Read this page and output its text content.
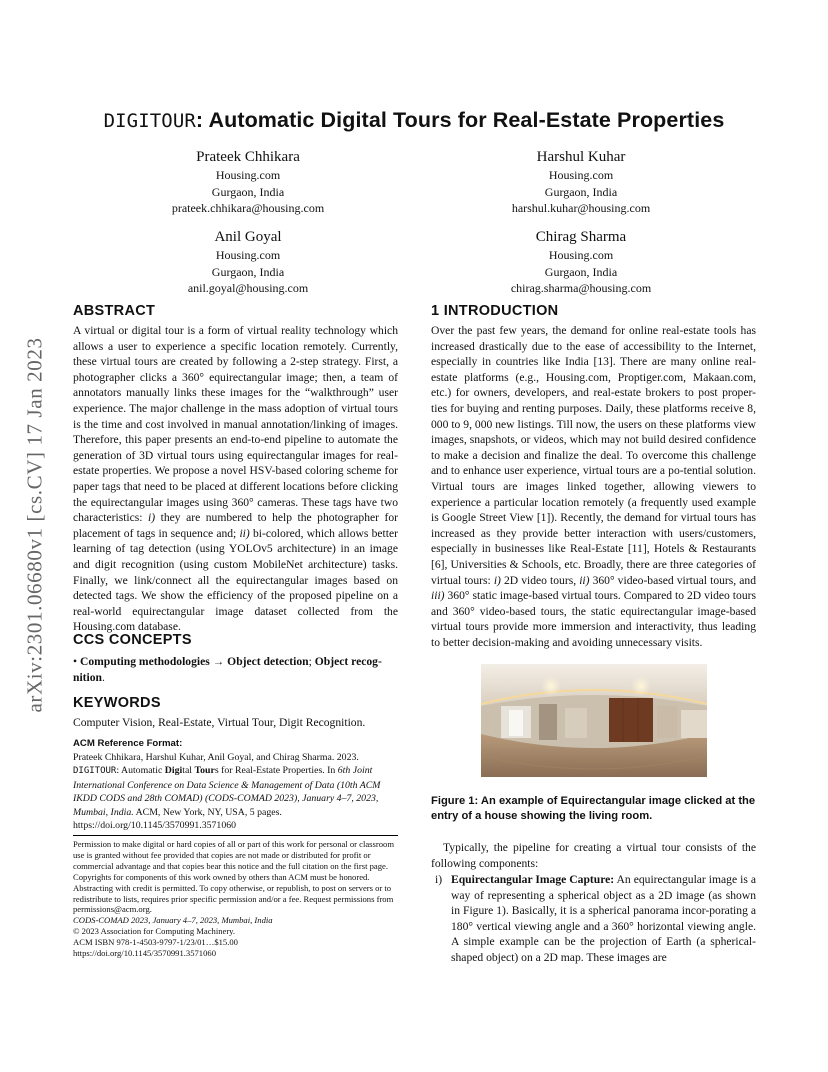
arXiv:2301.06680v1 [cs.CV] 17 Jan 2023
DIGITOUR: Automatic Digital Tours for Real-Estate Properties
Prateek Chhikara
Housing.com
Gurgaon, India
prateek.chhikara@housing.com
Harshul Kuhar
Housing.com
Gurgaon, India
harshul.kuhar@housing.com
Anil Goyal
Housing.com
Gurgaon, India
anil.goyal@housing.com
Chirag Sharma
Housing.com
Gurgaon, India
chirag.sharma@housing.com
ABSTRACT
A virtual or digital tour is a form of virtual reality technology which allows a user to experience a specific location remotely. Currently, these virtual tours are created by following a 2-step strategy. First, a photographer clicks a 360° equirectangular image; then, a team of annotators manually links these images for the “walkthrough” user experience. The major challenge in the mass adoption of virtual tours is the time and cost involved in manual annotation/linking of images. Therefore, this paper presents an end-to-end pipeline to automate the generation of 3D virtual tours using equirectangular images for real-estate properties. We propose a novel HSV-based coloring scheme for paper tags that need to be placed at different locations before clicking the equirectangular images using 360° cameras. These tags have two characteristics: i) they are numbered to help the photographer for placement of tags in sequence and; ii) bi-colored, which allows better learning of tag detection (using YOLOv5 architecture) in an image and digit recognition (using custom MobileNet architecture) tasks. Finally, we link/connect all the equirectangular images based on detected tags. We show the efficiency of the proposed pipeline on a real-world equirectangular image dataset collected from the Housing.com database.
CCS CONCEPTS
• Computing methodologies → Object detection; Object recog-nition.
KEYWORDS
Computer Vision, Real-Estate, Virtual Tour, Digit Recognition.
ACM Reference Format:
Prateek Chhikara, Harshul Kuhar, Anil Goyal, and Chirag Sharma. 2023. DIGITOUR: Automatic Digital Tours for Real-Estate Properties. In 6th Joint International Conference on Data Science & Management of Data (10th ACM IKDD CODS and 28th COMAD) (CODS-COMAD 2023), January 4–7, 2023, Mumbai, India. ACM, New York, NY, USA, 5 pages. https://doi.org/10.1145/3570991.3571060
Permission to make digital or hard copies of all or part of this work for personal or classroom use is granted without fee provided that copies are not made or distributed for profit or commercial advantage and that copies bear this notice and the full citation on the first page. Copyrights for components of this work owned by others than ACM must be honored. Abstracting with credit is permitted. To copy otherwise, or republish, to post on servers or to redistribute to lists, requires prior specific permission and/or a fee. Request permissions from permissions@acm.org.
CODS-COMAD 2023, January 4–7, 2023, Mumbai, India
© 2023 Association for Computing Machinery.
ACM ISBN 978-1-4503-9797-1/23/01…$15.00
https://doi.org/10.1145/3570991.3571060
1 INTRODUCTION
Over the past few years, the demand for online real-estate tools has increased drastically due to the ease of accessibility to the Internet, especially in countries like India [13]. There are many online real-estate platforms (e.g., Housing.com, Proptiger.com, Makaan.com, etc.) for owners, developers, and real-estate brokers to post proper-ties for buying and renting purposes. Daily, these platforms receive 8, 000 to 9, 000 new listings. Till now, the users on these platforms view images, snapshots, or videos, which may not build desired confidence to make a decision and finalize the deal. To overcome this challenge and to enhance user experience, virtual tours are a po-tential solution. Virtual tours are images linked together, allowing viewers to experience a particular location remotely (a frequently used example is Google Street View [1]). Recently, the demand for virtual tours has increased as they provide better interaction with users/customers, especially in businesses like Real-Estate [11], Hotels & Restaurants [6], Universities & Schools, etc. Broadly, there are three categories of virtual tours: i) 2D video tours, ii) 360° video-based virtual tours, and iii) 360° static image-based virtual tours. Compared to 2D video tours and 360° video-based tours, the static equirectangular image-based virtual tours provide more immersion and interactivity, thus leading to better decision-making and avoiding unnecessary visits.
Figure 1: An example of Equirectangular image clicked at the entry of a house showing the living room.
Typically, the pipeline for creating a virtual tour consists of the following components:
i) Equirectangular Image Capture: An equirectangular image is a way of representing a spherical object as a 2D image (as shown in Figure 1). Basically, it is a spherical panorama incor-porating a 180° vertical viewing angle and a 360° horizontal viewing angle. A simple example can be the projection of Earth (a spherical-shaped object) on a 2D map. These images are
